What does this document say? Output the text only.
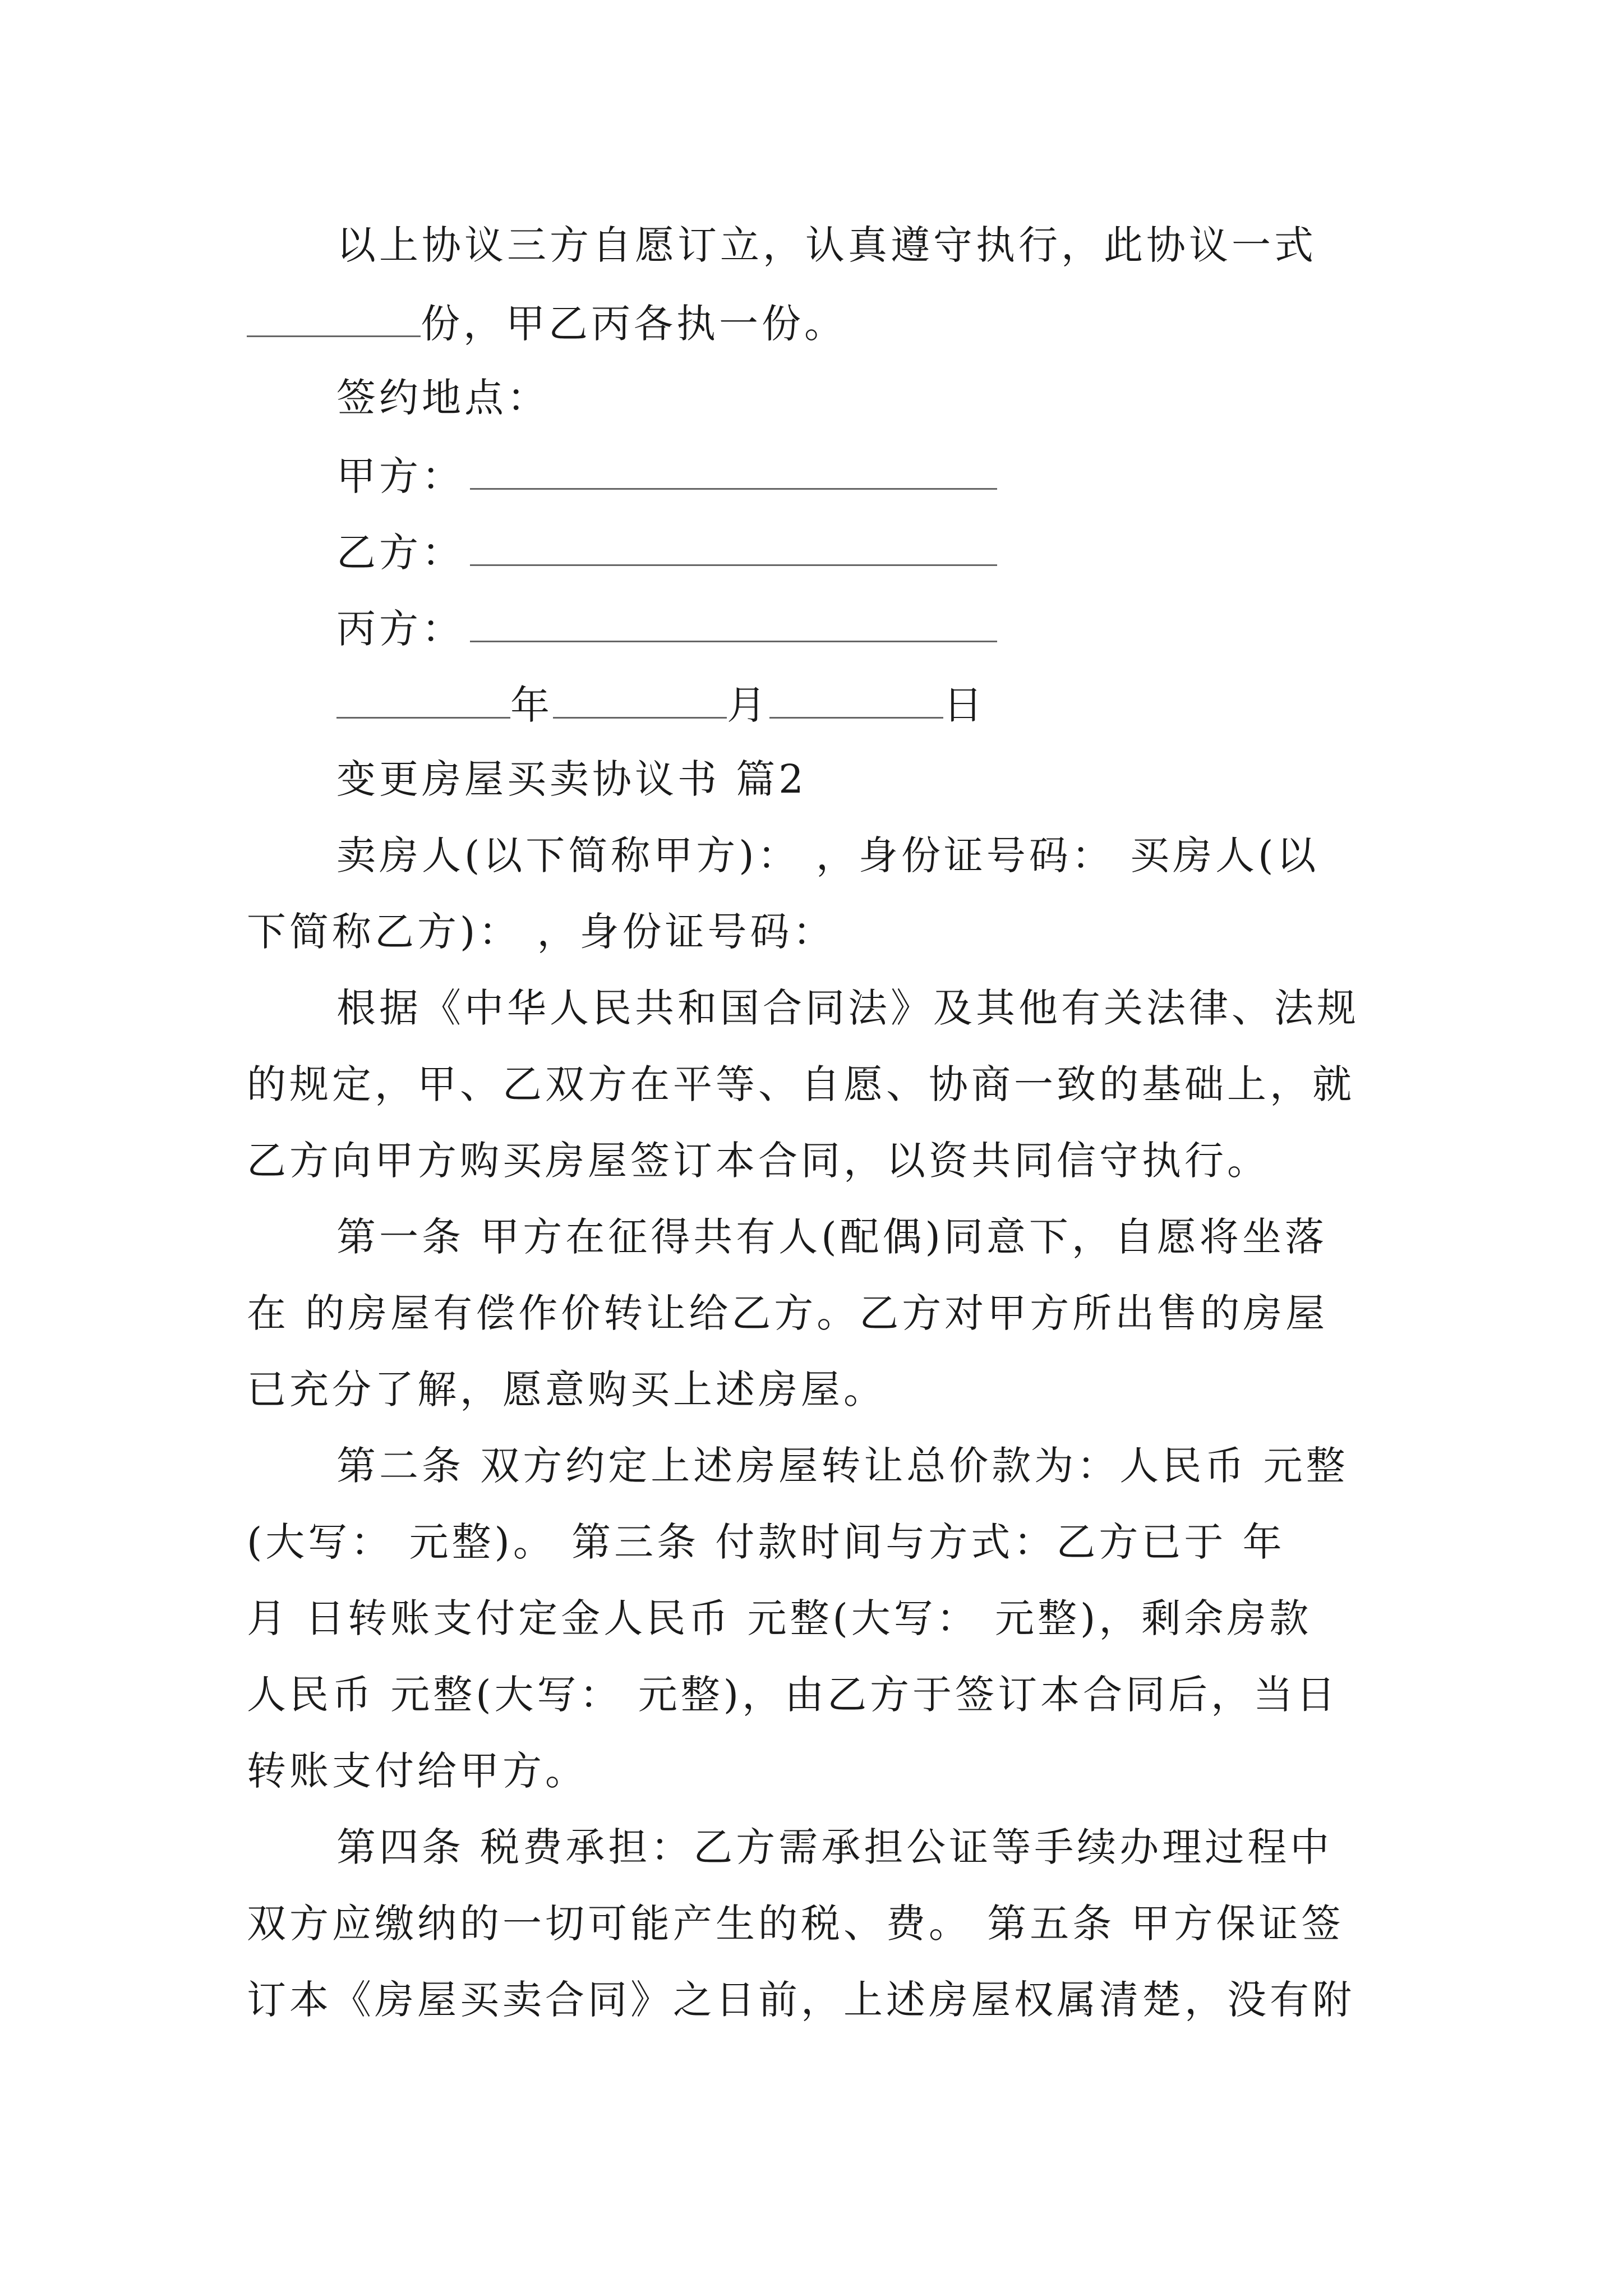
以上协议三方自愿订立，认真遵守执行，此协议一式
份，甲乙丙各执一份。
签约地点：
甲方：
乙方：
丙方：
年	月	日
变更房屋买卖协议书 篇2
卖房人(以下简称甲方)： ，身份证号码： 买房人(以
下简称乙方)： ，身份证号码：
根据《中华人民共和国合同法》及其他有关法律、法规
的规定，甲、乙双方在平等、自愿、协商一致的基础上，就
乙方向甲方购买房屋签订本合同，以资共同信守执行。
第一条 甲方在征得共有人(配偶)同意下，自愿将坐落
在 的房屋有偿作价转让给乙方。乙方对甲方所出售的房屋
已充分了解，愿意购买上述房屋。
第二条 双方约定上述房屋转让总价款为：人民币 元整
(大写： 元整)。 第三条 付款时间与方式：乙方已于 年
月 日转账支付定金人民币 元整(大写： 元整)，剩余房款
人民币 元整(大写： 元整)，由乙方于签订本合同后，当日
转账支付给甲方。
第四条 税费承担：乙方需承担公证等手续办理过程中
双方应缴纳的一切可能产生的税、费。 第五条 甲方保证签
订本《房屋买卖合同》之日前，上述房屋权属清楚，没有附
